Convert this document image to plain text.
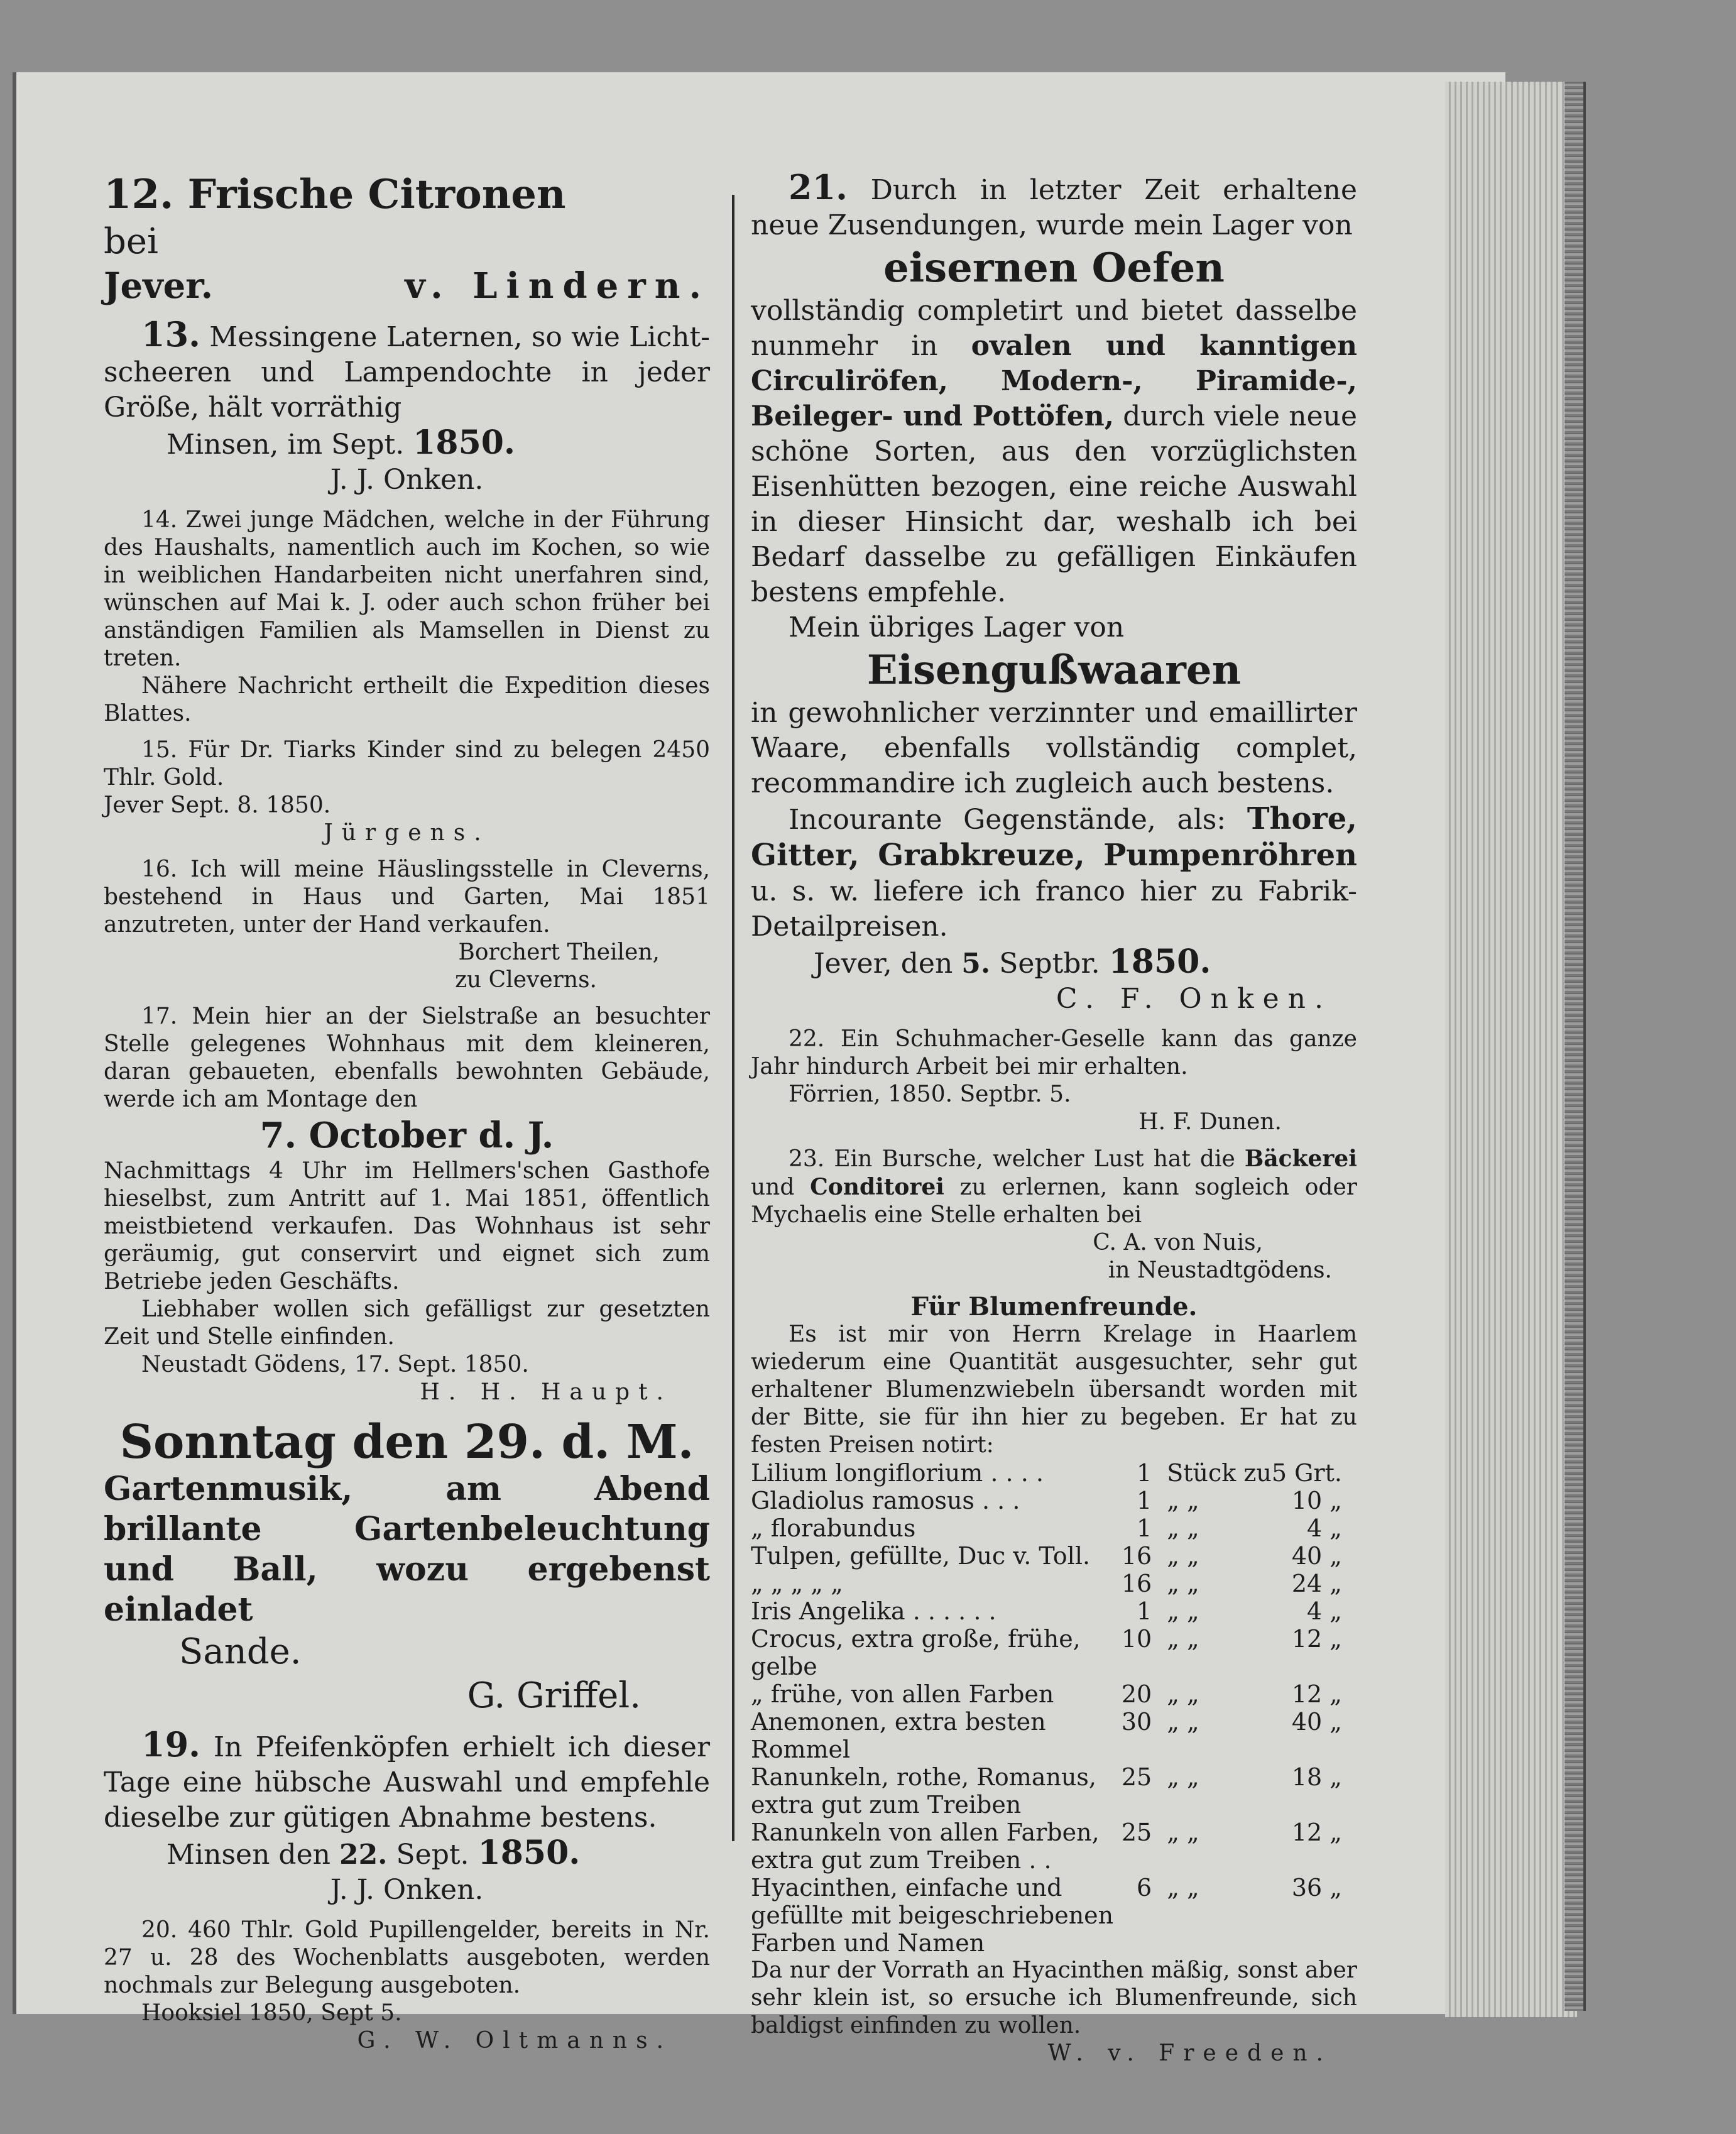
12. Frische Citronen

bei

Jever.	v. Lindern.

13. Messingene Laternen, so wie Licht-scheeren und Lampendochte in jeder Größe, hält vorräthig

Minsen, im Sept. 1850.

J. J. Onken.

14. Zwei junge Mädchen, welche in der Führung des Haushalts, namentlich auch im Kochen, so wie in weiblichen Handarbeiten nicht unerfahren sind, wünschen auf Mai k. J. oder auch schon früher bei anständigen Familien als Mamsellen in Dienst zu treten.

Nähere Nachricht ertheilt die Expedition dieses Blattes.

15. Für Dr. Tiarks Kinder sind zu belegen 2450 Thlr. Gold.

Jever Sept. 8. 1850.

Jürgens.

16. Ich will meine Häuslingsstelle in Cleverns, bestehend in Haus und Garten, Mai 1851 anzutreten, unter der Hand verkaufen.

Borchert Theilen,

zu Cleverns.

17. Mein hier an der Sielstraße an besuchter Stelle gelegenes Wohnhaus mit dem kleineren, daran gebaueten, ebenfalls bewohnten Gebäude, werde ich am Montage den

7. October d. J.

Nachmittags 4 Uhr im Hellmers'schen Gasthofe hieselbst, zum Antritt auf 1. Mai 1851, öffentlich meistbietend verkaufen. Das Wohnhaus ist sehr geräumig, gut conservirt und eignet sich zum Betriebe jeden Geschäfts.

Liebhaber wollen sich gefälligst zur gesetzten Zeit und Stelle einfinden.

Neustadt Gödens, 17. Sept. 1850.

H. H. Haupt.

Sonntag den 29. d. M.

Gartenmusik, am Abend brillante Gartenbeleuchtung und Ball, wozu ergebenst einladet

Sande.

G. Griffel.

19. In Pfeifenköpfen erhielt ich dieser Tage eine hübsche Auswahl und empfehle dieselbe zur gütigen Abnahme bestens.

Minsen den 22. Sept. 1850.

J. J. Onken.

20. 460 Thlr. Gold Pupillengelder, bereits in Nr. 27 u. 28 des Wochenblatts ausgeboten, werden nochmals zur Belegung ausgeboten.

Hooksiel 1850, Sept 5.

G. W. Oltmanns.

21. Durch in letzter Zeit erhaltene neue Zusendungen, wurde mein Lager von

eisernen Oefen

vollständig completirt und bietet dasselbe nunmehr in ovalen und kanntigen Circuliröfen, Modern-, Piramide-, Beileger- und Pottöfen, durch viele neue schöne Sorten, aus den vorzüglichsten Eisenhütten bezogen, eine reiche Auswahl in dieser Hinsicht dar, weshalb ich bei Bedarf dasselbe zu gefälligen Einkäufen bestens empfehle.

Mein übriges Lager von

Eisengußwaaren

in gewohnlicher verzinnter und emaillirter Waare, ebenfalls vollständig complet, recommandire ich zugleich auch bestens.

Incourante Gegenstände, als: Thore, Gitter, Grabkreuze, Pumpenröhren u. s. w. liefere ich franco hier zu Fabrik-Detailpreisen.

Jever, den 5. Septbr. 1850.

C. F. Onken.

22. Ein Schuhmacher-Geselle kann das ganze Jahr hindurch Arbeit bei mir erhalten.

Förrien, 1850. Septbr. 5.

H. F. Dunen.

23. Ein Bursche, welcher Lust hat die Bäckerei und Conditorei zu erlernen, kann sogleich oder Mychaelis eine Stelle erhalten bei

C. A. von Nuis,

in Neustadtgödens.

Für Blumenfreunde.

Es ist mir von Herrn Krelage in Haarlem wiederum eine Quantität ausgesuchter, sehr gut erhaltener Blumenzwiebeln übersandt worden mit der Bitte, sie für ihn hier zu begeben. Er hat zu festen Preisen notirt:

Lilium longiflorium . . . .	1	Stück zu	5 Grt.
Gladiolus ramosus . . .	1	„ „	10 „
„ florabundus	1	„ „	4 „
Tulpen, gefüllte, Duc v. Toll.	16	„ „	40 „
„ „ „ „ „	16	„ „	24 „
Iris Angelika . . . . . .	1	„ „	4 „
Crocus, extra große, frühe, gelbe	10	„ „	12 „
„ frühe, von allen Farben	20	„ „	12 „
Anemonen, extra besten Rommel	30	„ „	40 „
Ranunkeln, rothe, Romanus, extra gut zum Treiben	25	„ „	18 „
Ranunkeln von allen Farben, extra gut zum Treiben . .	25	„ „	12 „
Hyacinthen, einfache und gefüllte mit beigeschriebenen Farben und Namen	6	„ „	36 „

Da nur der Vorrath an Hyacinthen mäßig, sonst aber sehr klein ist, so ersuche ich Blumenfreunde, sich baldigst einfinden zu wollen.

W. v. Freeden.
